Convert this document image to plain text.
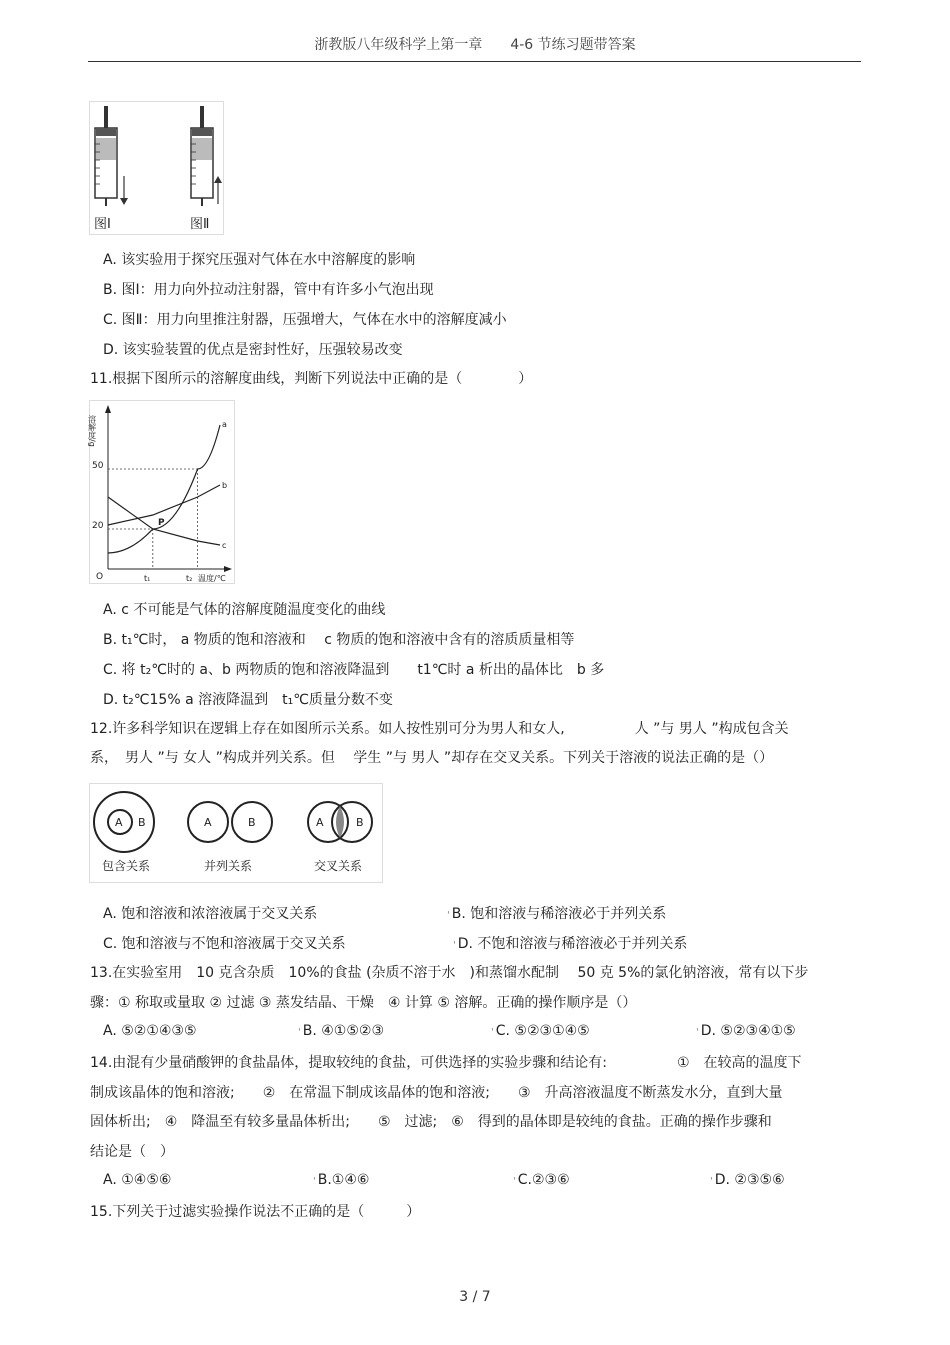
浙教版八年级科学上第一章　　4-6 节练习题带答案
图Ⅰ	图Ⅱ
A. 该实验用于探究压强对气体在水中溶解度的影响
B. 图Ⅰ：用力向外拉动注射器，管中有许多小气泡出现
C. 图Ⅱ：用力向里推注射器，压强增大，气体在水中的溶解度减小
D. 该实验装置的优点是密封性好，压强较易改变
11.根据下图所示的溶解度曲线，判断下列说法中正确的是（　　　　）
溶解度/g
温度/℃
O
50
20
t₁	t₂
P
a
b
c
A. c 不可能是气体的溶解度随温度变化的曲线
B. t₁℃时， a 物质的饱和溶液和　 c 物质的饱和溶液中含有的溶质质量相等
C. 将 t₂℃时的 a、b 两物质的饱和溶液降温到　　t1℃时 a 析出的晶体比　b 多
D. t₂℃15% a 溶液降温到　t₁℃质量分数不变
12.许多科学知识在逻辑上存在如图所示关系。如人按性别可分为男人和女人,　　　　　人 ”与 男人 ”构成包含关
系，　男人 ”与 女人 ”构成并列关系。但　 学生 ”与 男人 ”却存在交叉关系。下列关于溶液的说法正确的是（）
A B
包含关系
A	B
并列关系
A	B
交叉关系
A. 饱和溶液和浓溶液属于交叉关系	' B. 饱和溶液与稀溶液必于并列关系
C. 饱和溶液与不饱和溶液属于交叉关系	' D. 不饱和溶液与稀溶液必于并列关系
13.在实验室用　10 克含杂质　10%的食盐 (杂质不溶于水　)和蒸馏水配制　 50 克 5%的氯化钠溶液，常有以下步
骤：① 称取或量取 ② 过滤 ③ 蒸发结晶、干燥　④ 计算 ⑤ 溶解。正确的操作顺序是（）
A. ⑤②①④③⑤	' B. ④①⑤②③	' C. ⑤②③①④⑤	' D. ⑤②③④①⑤
14.由混有少量硝酸钾的食盐晶体，提取较纯的食盐，可供选择的实验步骤和结论有:　　　　　①　在较高的温度下
制成该晶体的饱和溶液;　　②　在常温下制成该晶体的饱和溶液;　　③　升高溶液温度不断蒸发水分，直到大量
固体析出;　④　降温至有较多量晶体析出;　　⑤　过滤;　⑥　得到的晶体即是较纯的食盐。正确的操作步骤和
结论是（　）
A. ①④⑤⑥	' B.①④⑥	' C.②③⑥	' D. ②③⑤⑥
15.下列关于过滤实验操作说法不正确的是（　　　）
3 / 7
